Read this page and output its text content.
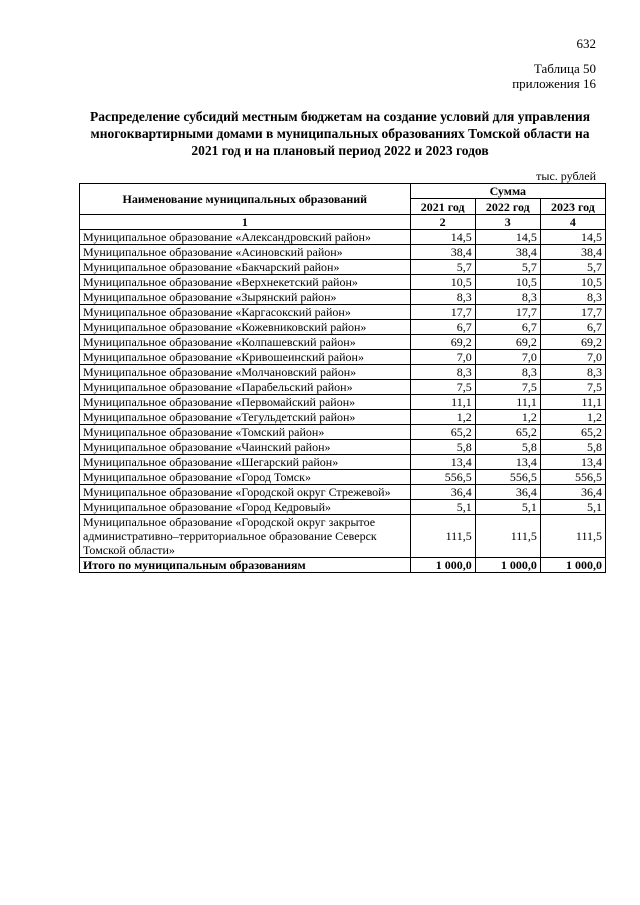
632
Таблица 50
приложения 16
Распределение субсидий местным бюджетам на создание условий для управления многоквартирными домами в муниципальных образованиях Томской области на 2021 год и на плановый период 2022 и 2023 годов
тыс. рублей
Наименование муниципальных образований	Сумма		
	2021 год	2022 год	2023 год
1	2	3	4
Муниципальное образование «Александровский район»	14,5	14,5	14,5
Муниципальное образование «Асиновский район»	38,4	38,4	38,4
Муниципальное образование «Бакчарский район»	5,7	5,7	5,7
Муниципальное образование «Верхнекетский район»	10,5	10,5	10,5
Муниципальное образование «Зырянский район»	8,3	8,3	8,3
Муниципальное образование «Каргасокский район»	17,7	17,7	17,7
Муниципальное образование «Кожевниковский район»	6,7	6,7	6,7
Муниципальное образование «Колпашевский район»	69,2	69,2	69,2
Муниципальное образование «Кривошеинский район»	7,0	7,0	7,0
Муниципальное образование «Молчановский район»	8,3	8,3	8,3
Муниципальное образование «Парабельский район»	7,5	7,5	7,5
Муниципальное образование «Первомайский район»	11,1	11,1	11,1
Муниципальное образование «Тегульдетский район»	1,2	1,2	1,2
Муниципальное образование «Томский район»	65,2	65,2	65,2
Муниципальное образование «Чаинский район»	5,8	5,8	5,8
Муниципальное образование «Шегарский район»	13,4	13,4	13,4
Муниципальное образование «Город Томск»	556,5	556,5	556,5
Муниципальное образование «Городской округ Стрежевой»	36,4	36,4	36,4
Муниципальное образование «Город Кедровый»	5,1	5,1	5,1
Муниципальное образование «Городской округ закрытое административно–территориальное образование Северск Томской области»	111,5	111,5	111,5
Итого по муниципальным образованиям	1 000,0	1 000,0	1 000,0
